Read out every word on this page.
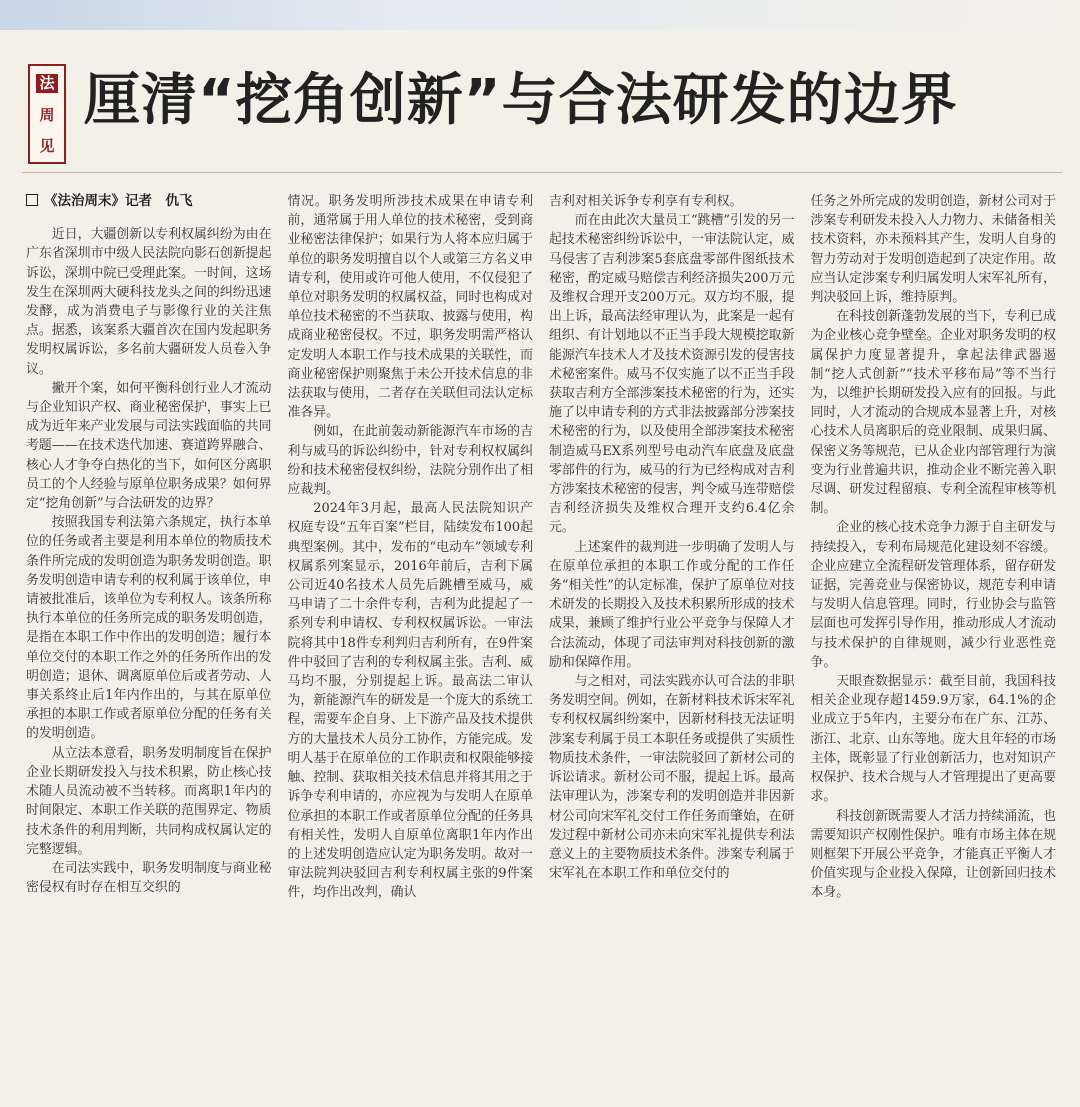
法
周
见
厘清“挖角创新”与合法研发的边界
《法治周末》记者　仇飞

近日，大疆创新以专利权属纠纷为由在广东省深圳市中级人民法院向影石创新提起诉讼，深圳中院已受理此案。一时间，这场发生在深圳两大硬科技龙头之间的纠纷迅速发酵，成为消费电子与影像行业的关注焦点。据悉，该案系大疆首次在国内发起职务发明权属诉讼，多名前大疆研发人员卷入争议。

撇开个案，如何平衡科创行业人才流动与企业知识产权、商业秘密保护，事实上已成为近年来产业发展与司法实践面临的共同考题——在技术迭代加速、赛道跨界融合、核心人才争夺白热化的当下，如何区分离职员工的个人经验与原单位职务成果？如何界定“挖角创新”与合法研发的边界？

按照我国专利法第六条规定，执行本单位的任务或者主要是利用本单位的物质技术条件所完成的发明创造为职务发明创造。职务发明创造申请专利的权利属于该单位，申请被批准后，该单位为专利权人。该条所称执行本单位的任务所完成的职务发明创造，是指在本职工作中作出的发明创造；履行本单位交付的本职工作之外的任务所作出的发明创造；退休、调离原单位后或者劳动、人事关系终止后1年内作出的，与其在原单位承担的本职工作或者原单位分配的任务有关的发明创造。

从立法本意看，职务发明制度旨在保护企业长期研发投入与技术积累，防止核心技术随人员流动被不当转移。而离职1年内的时间限定、本职工作关联的范围界定、物质技术条件的利用判断，共同构成权属认定的完整逻辑。

在司法实践中，职务发明制度与商业秘密侵权有时存在相互交织的

情况。职务发明所涉技术成果在申请专利前，通常属于用人单位的技术秘密，受到商业秘密法律保护；如果行为人将本应归属于单位的职务发明擅自以个人或第三方名义申请专利，使用或许可他人使用，不仅侵犯了单位对职务发明的权属权益，同时也构成对单位技术秘密的不当获取、披露与使用，构成商业秘密侵权。不过，职务发明需严格认定发明人本职工作与技术成果的关联性，而商业秘密保护则聚焦于未公开技术信息的非法获取与使用，二者存在关联但司法认定标准各异。

例如，在此前轰动新能源汽车市场的吉利与威马的诉讼纠纷中，针对专利权权属纠纷和技术秘密侵权纠纷，法院分别作出了相应裁判。

2024年3月起，最高人民法院知识产权庭专设“五年百案”栏目，陆续发布100起典型案例。其中，发布的“电动车”领域专利权属系列案显示，2016年前后，吉利下属公司近40名技术人员先后跳槽至威马，威马申请了二十余件专利，吉利为此提起了一系列专利申请权、专利权权属诉讼。一审法院将其中18件专利判归吉利所有，在9件案件中驳回了吉利的专利权属主张。吉利、威马均不服，分别提起上诉。最高法二审认为，新能源汽车的研发是一个庞大的系统工程，需要车企自身、上下游产品及技术提供方的大量技术人员分工协作，方能完成。发明人基于在原单位的工作职责和权限能够接触、控制、获取相关技术信息并将其用之于诉争专利申请的，亦应视为与发明人在原单位承担的本职工作或者原单位分配的任务具有相关性，发明人自原单位离职1年内作出的上述发明创造应认定为职务发明。故对一审法院判决驳回吉利专利权属主张的9件案件，均作出改判，确认

吉利对相关诉争专利享有专利权。

而在由此次大量员工“跳槽”引发的另一起技术秘密纠纷诉讼中，一审法院认定，威马侵害了吉利涉案5套底盘零部件图纸技术秘密，酌定威马赔偿吉利经济损失200万元及维权合理开支200万元。双方均不服，提出上诉，最高法经审理认为，此案是一起有组织、有计划地以不正当手段大规模挖取新能源汽车技术人才及技术资源引发的侵害技术秘密案件。威马不仅实施了以不正当手段获取吉利方全部涉案技术秘密的行为，还实施了以申请专利的方式非法披露部分涉案技术秘密的行为，以及使用全部涉案技术秘密制造威马EX系列型号电动汽车底盘及底盘零部件的行为，威马的行为已经构成对吉利方涉案技术秘密的侵害，判令威马连带赔偿吉利经济损失及维权合理开支约6.4亿余元。

上述案件的裁判进一步明确了发明人与在原单位承担的本职工作或分配的工作任务“相关性”的认定标准，保护了原单位对技术研发的长期投入及技术积累所形成的技术成果，兼顾了维护行业公平竞争与保障人才合法流动，体现了司法审判对科技创新的激励和保障作用。

与之相对，司法实践亦认可合法的非职务发明空间。例如，在新材料技术诉宋军礼专利权权属纠纷案中，因新材科技无法证明涉案专利属于员工本职任务或提供了实质性物质技术条件，一审法院驳回了新材公司的诉讼请求。新材公司不服，提起上诉。最高法审理认为，涉案专利的发明创造并非因新材公司向宋军礼交付工作任务而肇始，在研发过程中新材公司亦未向宋军礼提供专利法意义上的主要物质技术条件。涉案专利属于宋军礼在本职工作和单位交付的

任务之外所完成的发明创造，新材公司对于涉案专利研发未投入人力物力、未储备相关技术资料，亦未预料其产生，发明人自身的智力劳动对于发明创造起到了决定作用。故应当认定涉案专利归属发明人宋军礼所有，判决驳回上诉，维持原判。

在科技创新蓬勃发展的当下，专利已成为企业核心竞争壁垒。企业对职务发明的权属保护力度显著提升，拿起法律武器遏制“挖人式创新”“技术平移布局”等不当行为，以维护长期研发投入应有的回报。与此同时，人才流动的合规成本显著上升，对核心技术人员离职后的竞业限制、成果归属、保密义务等规范，已从企业内部管理行为演变为行业普遍共识，推动企业不断完善入职尽调、研发过程留痕、专利全流程审核等机制。

企业的核心技术竞争力源于自主研发与持续投入，专利布局规范化建设刻不容缓。企业应建立全流程研发管理体系，留存研发证据，完善竞业与保密协议，规范专利申请与发明人信息管理。同时，行业协会与监管层面也可发挥引导作用，推动形成人才流动与技术保护的自律规则，减少行业恶性竞争。

天眼查数据显示：截至目前，我国科技相关企业现存超1459.9万家，64.1%的企业成立于5年内，主要分布在广东、江苏、浙江、北京、山东等地。庞大且年轻的市场主体，既彰显了行业创新活力，也对知识产权保护、技术合规与人才管理提出了更高要求。

科技创新既需要人才活力持续涌流，也需要知识产权刚性保护。唯有市场主体在规则框架下开展公平竞争，才能真正平衡人才价值实现与企业投入保障，让创新回归技术本身。
